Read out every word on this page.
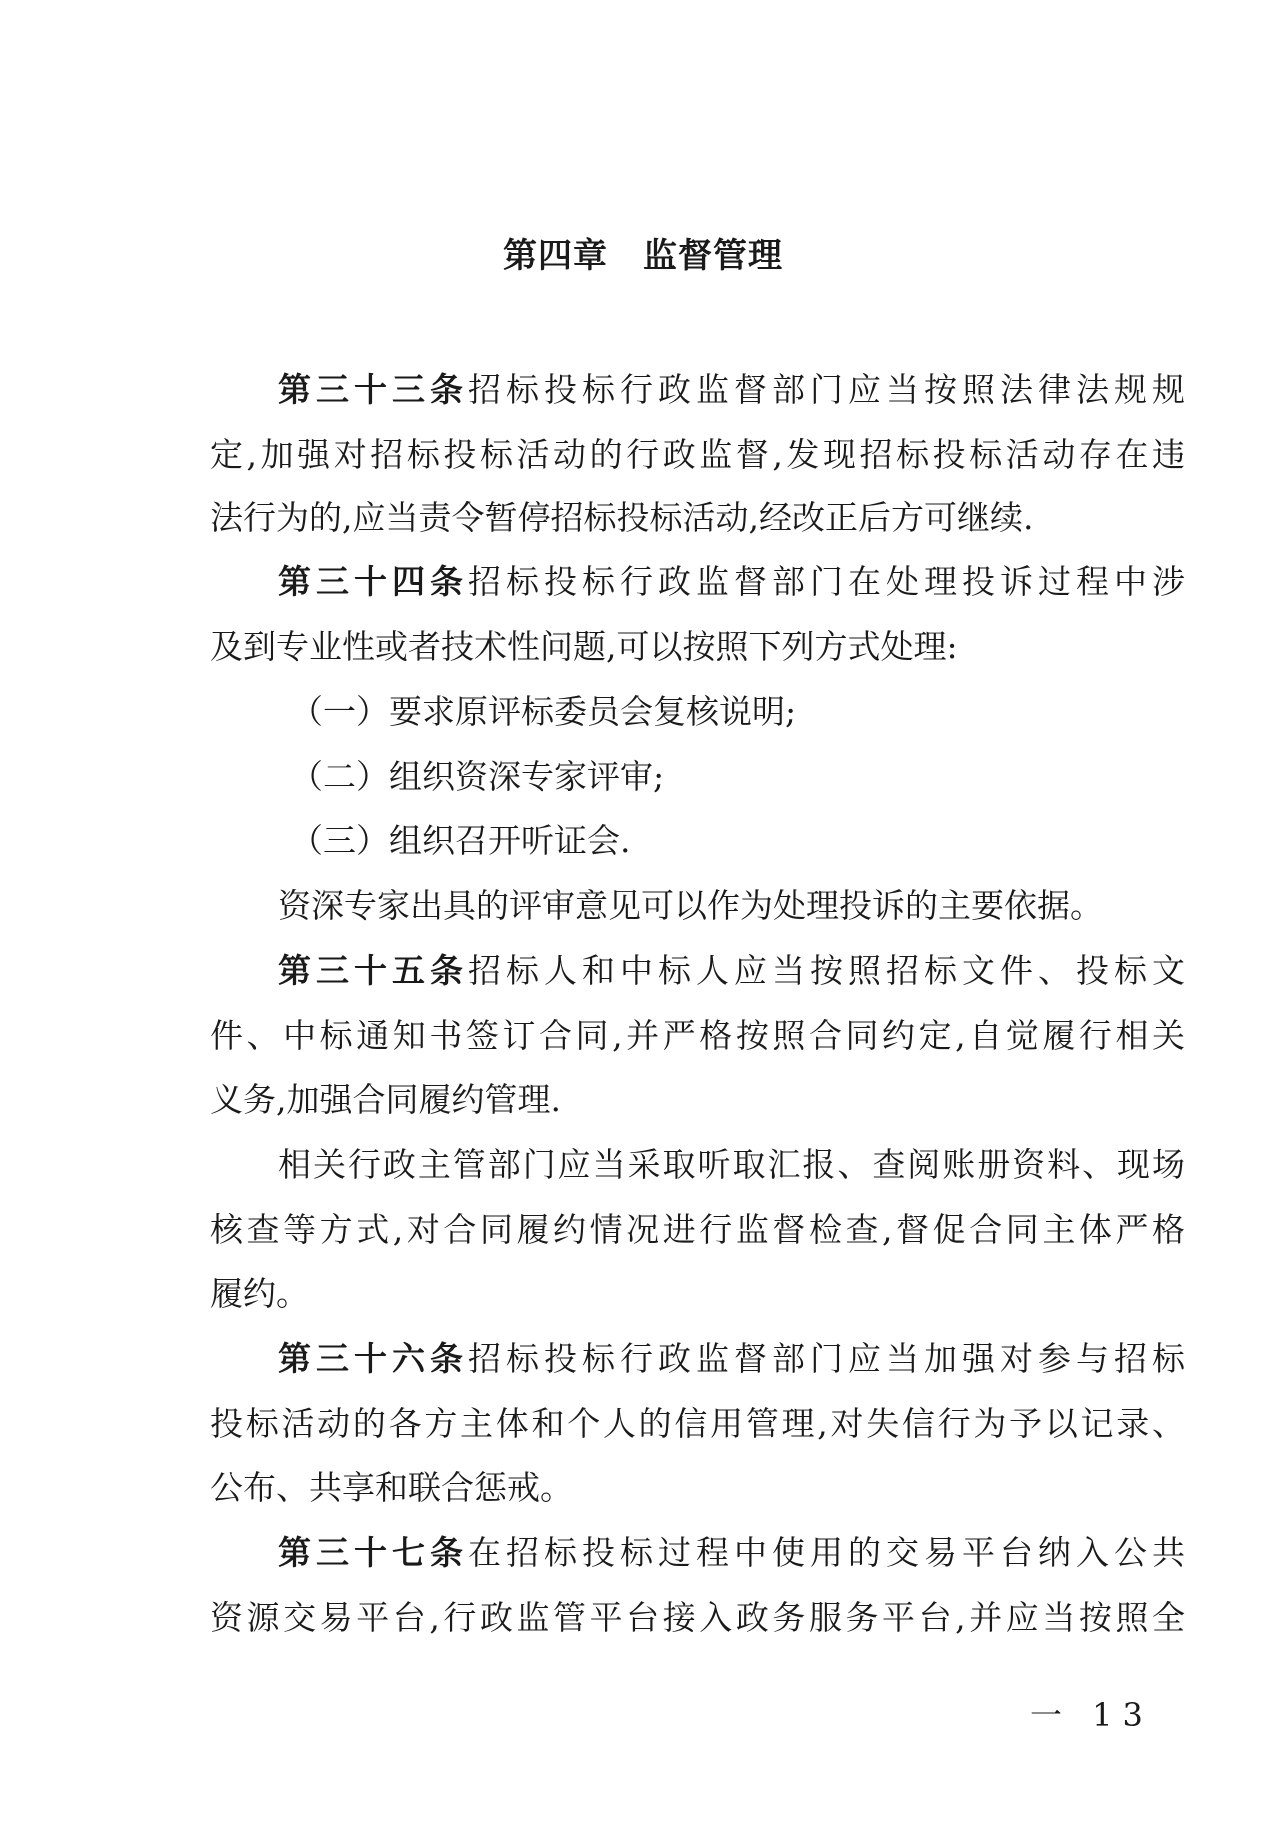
第四章　监督管理
第三十三条招标投标行政监督部门应当按照法律法规规
定,加强对招标投标活动的行政监督,发现招标投标活动存在违
法行为的,应当责令暂停招标投标活动,经改正后方可继续.
第三十四条招标投标行政监督部门在处理投诉过程中涉
及到专业性或者技术性问题,可以按照下列方式处理:
（一）要求原评标委员会复核说明;
（二）组织资深专家评审;
（三）组织召开听证会.
资深专家出具的评审意见可以作为处理投诉的主要依据。
第三十五条招标人和中标人应当按照招标文件、投标文
件、中标通知书签订合同,并严格按照合同约定,自觉履行相关
义务,加强合同履约管理.
相关行政主管部门应当采取听取汇报、查阅账册资料、现场
核查等方式,对合同履约情况进行监督检查,督促合同主体严格
履约。
第三十六条招标投标行政监督部门应当加强对参与招标
投标活动的各方主体和个人的信用管理,对失信行为予以记录、
公布、共享和联合惩戒。
第三十七条在招标投标过程中使用的交易平台纳入公共
资源交易平台,行政监管平台接入政务服务平台,并应当按照全
一 13
